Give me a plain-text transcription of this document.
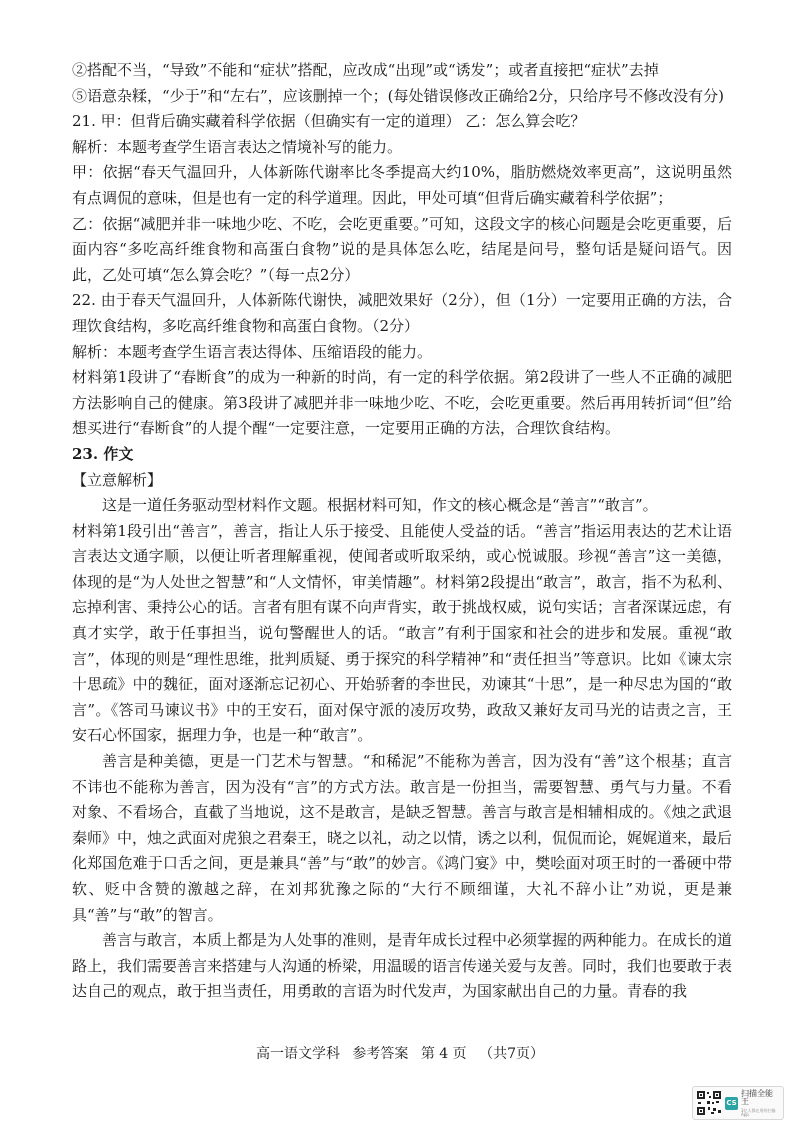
②搭配不当，“导致”不能和“症状”搭配，应改成“出现”或“诱发”；或者直接把“症状”去掉

⑤语意杂糅，“少于”和“左右”，应该删掉一个；(每处错误修改正确给2分，只给序号不修改没有分)

21. 甲：但背后确实藏着科学依据（但确实有一定的道理） 乙：怎么算会吃？

解析：本题考查学生语言表达之情境补写的能力。

甲：依据“春天气温回升，人体新陈代谢率比冬季提高大约10%，脂肪燃烧效率更高”，这说明虽然有点调侃的意味，但是也有一定的科学道理。因此，甲处可填“但背后确实藏着科学依据”；

乙：依据“减肥并非一味地少吃、不吃，会吃更重要。”可知，这段文字的核心问题是会吃更重要，后面内容“多吃高纤维食物和高蛋白食物”说的是具体怎么吃，结尾是问号，整句话是疑问语气。因此，乙处可填“怎么算会吃？”（每一点2分）

22. 由于春天气温回升，人体新陈代谢快，减肥效果好（2分），但（1分）一定要用正确的方法，合理饮食结构，多吃高纤维食物和高蛋白食物。（2分）

解析：本题考查学生语言表达得体、压缩语段的能力。

材料第1段讲了“春断食”的成为一种新的时尚，有一定的科学依据。第2段讲了一些人不正确的减肥方法影响自己的健康。第3段讲了减肥并非一味地少吃、不吃，会吃更重要。然后再用转折词“但”给想买进行“春断食”的人提个醒“一定要注意，一定要用正确的方法，合理饮食结构。

23. 作文

【立意解析】

这是一道任务驱动型材料作文题。根据材料可知，作文的核心概念是“善言”“敢言”。

材料第1段引出“善言”，善言，指让人乐于接受、且能使人受益的话。“善言”指运用表达的艺术让语言表达文通字顺，以便让听者理解重视，使闻者或听取采纳，或心悦诚服。珍视“善言”这一美德，体现的是“为人处世之智慧”和“人文情怀，审美情趣”。材料第2段提出“敢言”，敢言，指不为私利、忘掉利害、秉持公心的话。言者有胆有谋不向声背实，敢于挑战权威，说句实话；言者深谋远虑，有真才实学，敢于任事担当，说句警醒世人的话。“敢言”有利于国家和社会的进步和发展。重视“敢言”，体现的则是“理性思维，批判质疑、勇于探究的科学精神”和“责任担当”等意识。比如《谏太宗十思疏》中的魏征，面对逐渐忘记初心、开始骄奢的李世民，劝谏其“十思”，是一种尽忠为国的“敢言”。《答司马谏议书》中的王安石，面对保守派的凌厉攻势，政敌又兼好友司马光的诘责之言，王安石心怀国家，据理力争，也是一种“敢言”。

善言是种美德，更是一门艺术与智慧。“和稀泥”不能称为善言，因为没有“善”这个根基；直言不讳也不能称为善言，因为没有“言”的方式方法。敢言是一份担当，需要智慧、勇气与力量。不看对象、不看场合，直截了当地说，这不是敢言，是缺乏智慧。善言与敢言是相辅相成的。《烛之武退秦师》中，烛之武面对虎狼之君秦王，晓之以礼，动之以情，诱之以利，侃侃而论，娓娓道来，最后化郑国危难于口舌之间，更是兼具“善”与“敢”的妙言。《鸿门宴》中，樊哙面对项王时的一番硬中带软、贬中含赞的激越之辞，在刘邦犹豫之际的“大行不顾细谨，大礼不辞小让”劝说，更是兼具“善”与“敢”的智言。

善言与敢言，本质上都是为人处事的准则，是青年成长过程中必须掌握的两种能力。在成长的道路上，我们需要善言来搭建与人沟通的桥梁，用温暖的语言传递关爱与友善。同时，我们也要敢于表达自己的观点，敢于担当责任，用勇敢的言语为时代发声，为国家献出自己的力量。青春的我

高一语文学科 参考答案 第 4 页 （共7页）
CS
扫描全能王
3亿人都在用的扫描App
